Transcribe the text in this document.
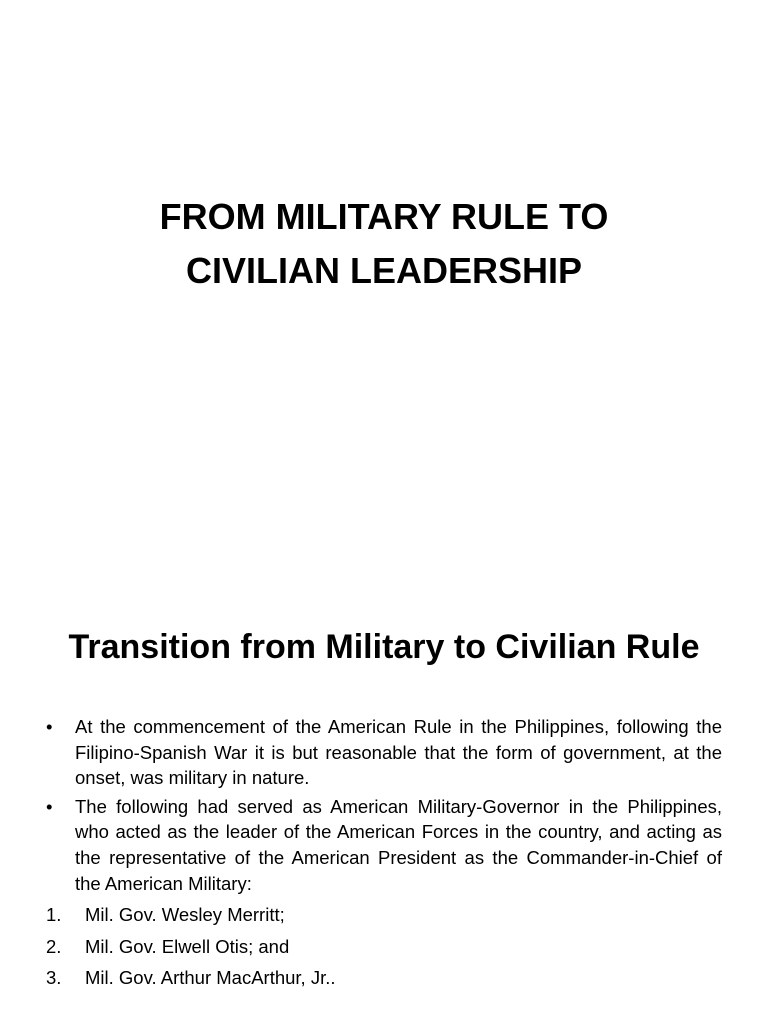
FROM MILITARY RULE TO
CIVILIAN LEADERSHIP
Transition from Military to Civilian Rule
• At the commencement of the American Rule in the Philippines, following the Filipino-Spanish War it is but reasonable that the form of government, at the onset, was military in nature.
• The following had served as American Military-Governor in the Philippines, who acted as the leader of the American Forces in the country, and acting as the representative of the American President as the Commander-in-Chief of the American Military:
1. Mil. Gov. Wesley Merritt;
2. Mil. Gov. Elwell Otis; and
3. Mil. Gov. Arthur MacArthur, Jr..
